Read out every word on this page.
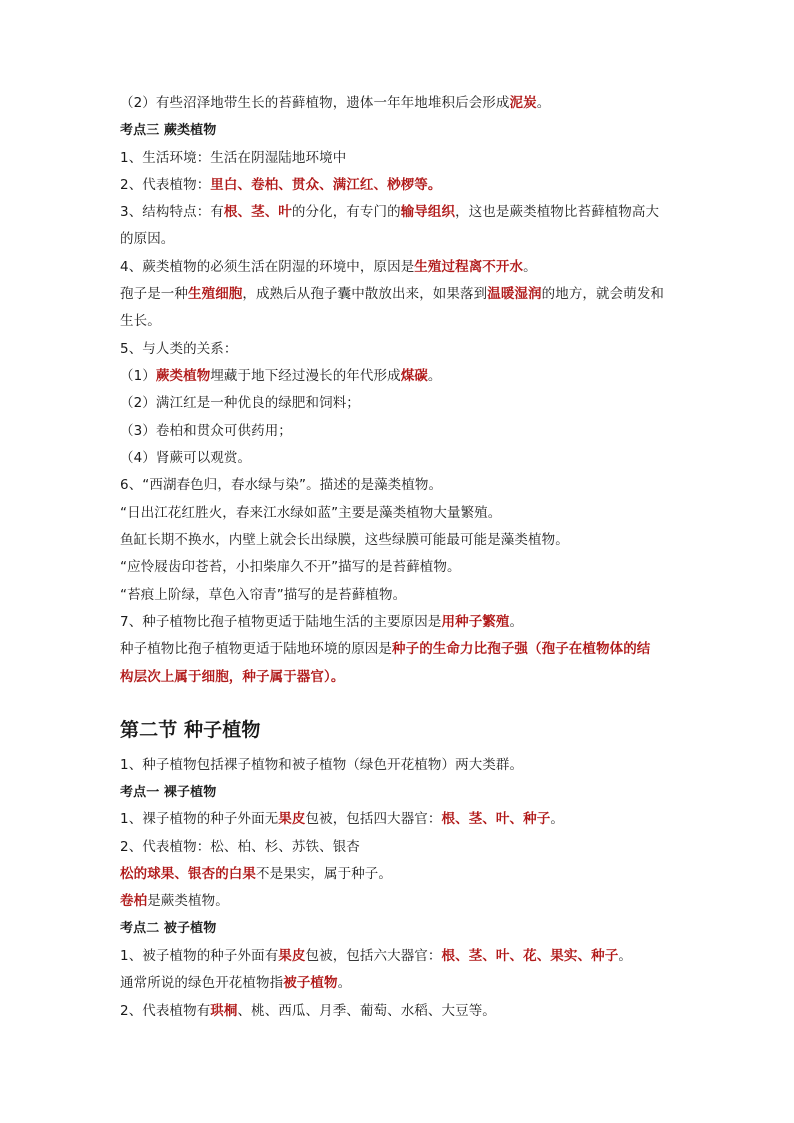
（2）有些沼泽地带生长的苔藓植物，遗体一年年地堆积后会形成泥炭。
考点三 蕨类植物
1、生活环境：生活在阴湿陆地环境中
2、代表植物：里白、卷柏、贯众、满江红、桫椤等。
3、结构特点：有根、茎、叶的分化，有专门的输导组织，这也是蕨类植物比苔藓植物高大
的原因。
4、蕨类植物的必须生活在阴湿的环境中，原因是生殖过程离不开水。
孢子是一种生殖细胞，成熟后从孢子囊中散放出来，如果落到温暖湿润的地方，就会萌发和
生长。
5、与人类的关系：
（1）蕨类植物埋藏于地下经过漫长的年代形成煤碳。
（2）满江红是一种优良的绿肥和饲料；
（3）卷柏和贯众可供药用；
（4）肾蕨可以观赏。
6、“西湖春色归，春水绿与染”。描述的是藻类植物。
“日出江花红胜火，春来江水绿如蓝”主要是藻类植物大量繁殖。
鱼缸长期不换水，内壁上就会长出绿膜，这些绿膜可能最可能是藻类植物。
“应怜屐齿印苍苔，小扣柴扉久不开”描写的是苔藓植物。
“苔痕上阶绿，草色入帘青”描写的是苔藓植物。
7、种子植物比孢子植物更适于陆地生活的主要原因是用种子繁殖。
种子植物比孢子植物更适于陆地环境的原因是种子的生命力比孢子强（孢子在植物体的结
构层次上属于细胞，种子属于器官）。
第二节 种子植物
1、种子植物包括裸子植物和被子植物（绿色开花植物）两大类群。
考点一 裸子植物
1、裸子植物的种子外面无果皮包被，包括四大器官：根、茎、叶、种子。
2、代表植物：松、柏、杉、苏铁、银杏
松的球果、银杏的白果不是果实，属于种子。
卷柏是蕨类植物。
考点二 被子植物
1、被子植物的种子外面有果皮包被，包括六大器官：根、茎、叶、花、果实、种子。
通常所说的绿色开花植物指被子植物。
2、代表植物有珙桐、桃、西瓜、月季、葡萄、水稻、大豆等。
